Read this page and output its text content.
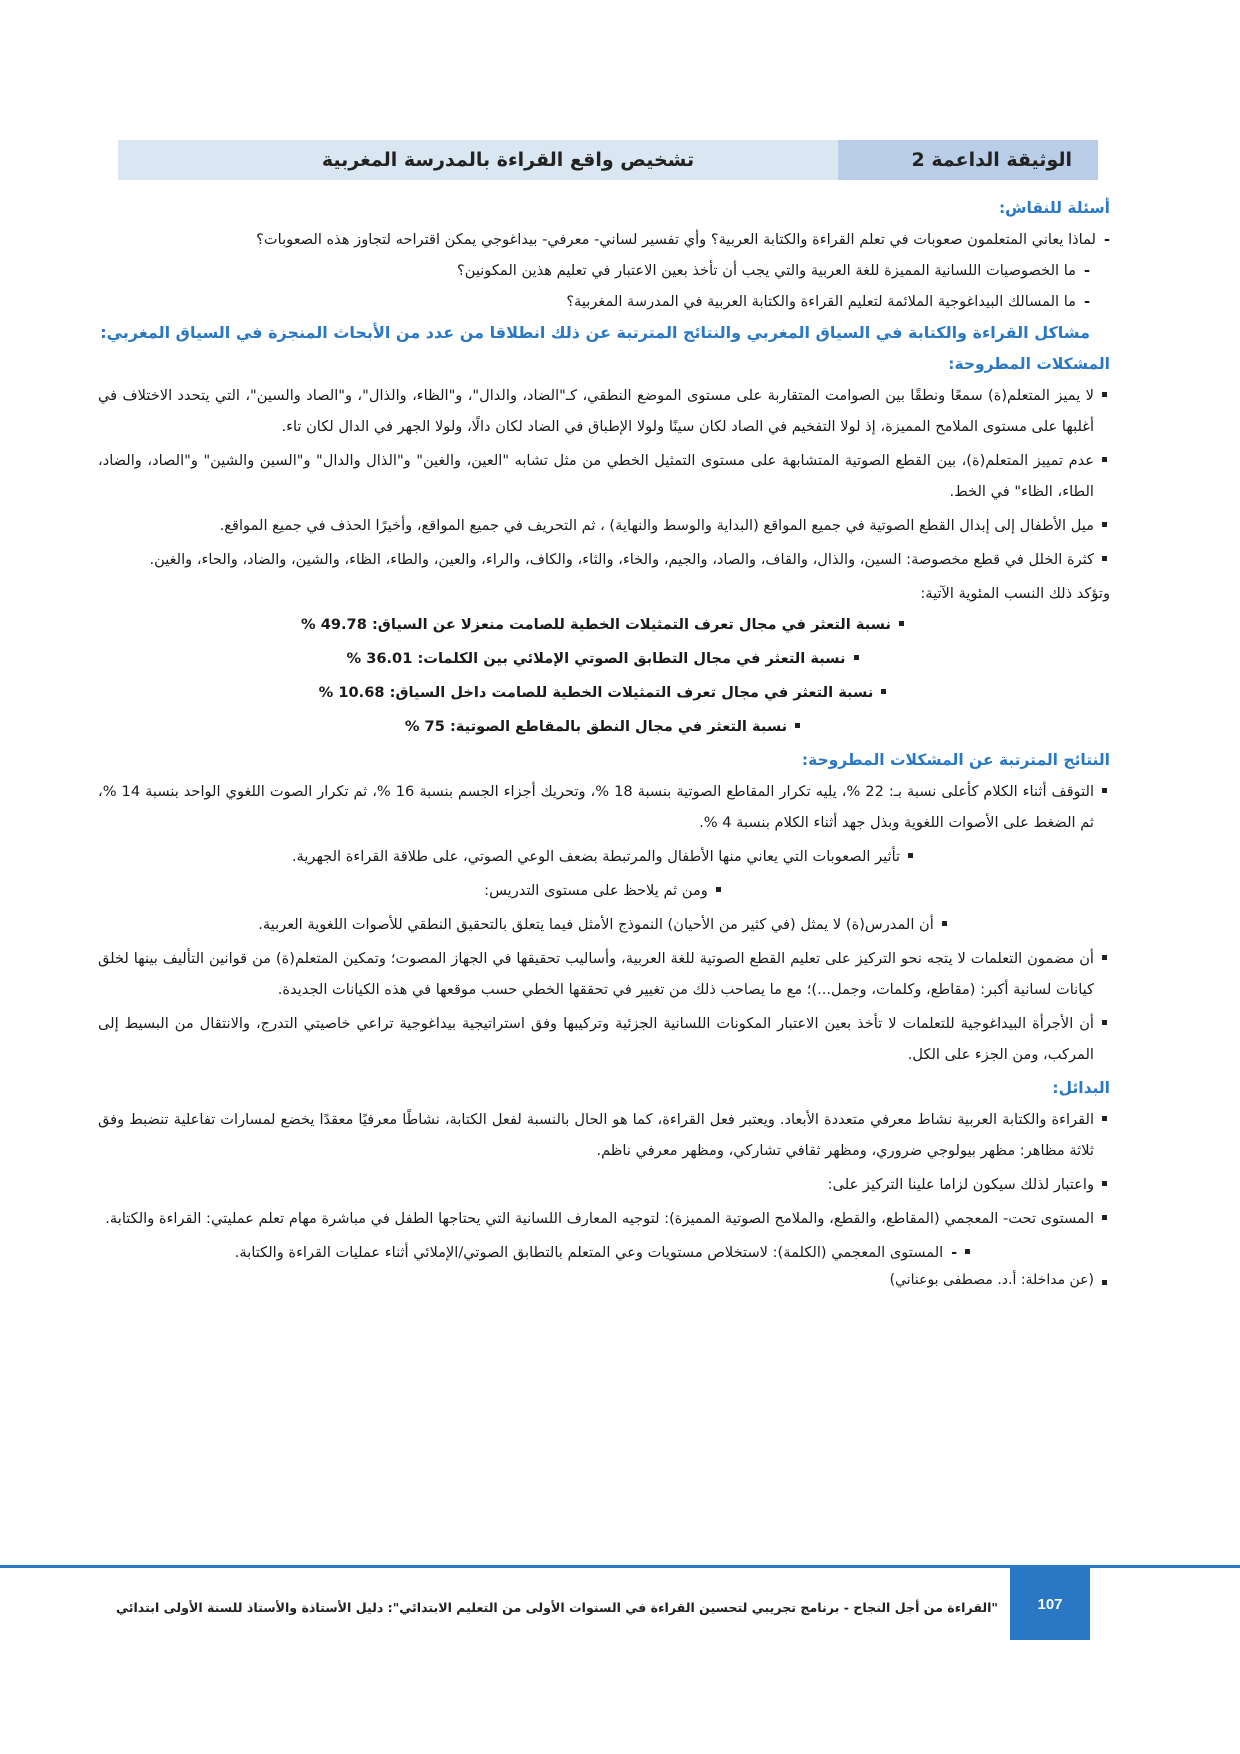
الوثيقة الداعمة 2
تشخيص واقع القراءة بالمدرسة المغربية

أسئلة للنقاش:

-
لماذا يعاني المتعلمون صعوبات في تعلم القراءة والكتابة العربية؟ وأي تفسير لساني- معرفي- بيداغوجي يمكن اقتراحه لتجاوز هذه الصعوبات؟
-
ما الخصوصيات اللسانية المميزة للغة العربية والتي يجب أن تأخذ بعين الاعتبار في تعليم هذين المكونين؟
-
ما المسالك البيداغوجية الملائمة لتعليم القراءة والكتابة العربية في المدرسة المغربية؟

مشاكل القراءة والكتابة في السياق المغربي والنتائج المترتبة عن ذلك انطلاقا من عدد من الأبحاث المنجزة في السياق المغربي:

المشكلات المطروحة:

لا يميز المتعلم(ة) سمعًا ونطقًا بين الصوامت المتقاربة على مستوى الموضع النطقي، كـ"الضاد، والدال"، و"الظاء، والذال"، و"الصاد والسين"، التي يتحدد الاختلاف في أغلبها على مستوى الملامح المميزة، إذ لولا التفخيم في الصاد لكان سينًا ولولا الإطباق في الضاد لكان دالًا، ولولا الجهر في الدال لكان تاء.
عدم تمييز المتعلم(ة)، بين القطع الصوتية المتشابهة على مستوى التمثيل الخطي من مثل تشابه "العين، والغين" و"الذال والدال" و"السين والشين" و"الصاد، والضاد، الطاء، الظاء" في الخط.
ميل الأطفال إلى إبدال القطع الصوتية في جميع المواقع (البداية والوسط والنهاية) ، ثم التحريف في جميع المواقع، وأخيرًا الحذف في جميع المواقع.
كثرة الخلل في قطع مخصوصة: السين، والذال، والقاف، والصاد، والجيم، والخاء، والثاء، والكاف، والراء، والعين، والطاء، الظاء، والشين، والضاد، والحاء، والغين.

وتؤكد ذلك النسب المئوية الآتية:

نسبة التعثر في مجال تعرف التمثيلات الخطية للصامت منعزلا عن السياق: 49.78 %
نسبة التعثر في مجال التطابق الصوتي الإملائي بين الكلمات: 36.01 %
نسبة التعثر في مجال تعرف التمثيلات الخطية للصامت داخل السياق: 10.68 %
نسبة التعثر في مجال النطق بالمقاطع الصوتية: 75 %

النتائج المترتبة عن المشكلات المطروحة:

التوقف أثناء الكلام كأعلى نسبة بـ: 22 %، يليه تكرار المقاطع الصوتية بنسبة 18 %، وتحريك أجزاء الجسم بنسبة 16 %، ثم تكرار الصوت اللغوي الواحد بنسبة 14 %، ثم الضغط على الأصوات اللغوية وبذل جهد أثناء الكلام بنسبة 4 %.
تأثير الصعوبات التي يعاني منها الأطفال والمرتبطة بضعف الوعي الصوتي، على طلاقة القراءة الجهرية.
ومن ثم يلاحظ على مستوى التدريس:
أن المدرس(ة) لا يمثل (في كثير من الأحيان) النموذج الأمثل فيما يتعلق بالتحقيق النطقي للأصوات اللغوية العربية.
أن مضمون التعلمات لا يتجه نحو التركيز على تعليم القطع الصوتية للغة العربية، وأساليب تحقيقها في الجهاز المصوت؛ وتمكين المتعلم(ة) من قوانين التأليف بينها لخلق كيانات لسانية أكبر: (مقاطع، وكلمات، وجمل...)؛ مع ما يصاحب ذلك من تغيير في تحققها الخطي حسب موقعها في هذه الكيانات الجديدة.
أن الأجرأة البيداغوجية للتعلمات لا تأخذ بعين الاعتبار المكونات اللسانية الجزئية وتركيبها وفق استراتيجية بيداغوجية تراعي خاصيتي التدرج، والانتقال من البسيط إلى المركب، ومن الجزء على الكل.

البدائل:

القراءة والكتابة العربية نشاط معرفي متعددة الأبعاد. ويعتبر فعل القراءة، كما هو الحال بالنسبة لفعل الكتابة، نشاطًا معرفيًا معقدًا يخضع لمسارات تفاعلية تنضبط وفق ثلاثة مظاهر: مظهر بيولوجي ضروري، ومظهر ثقافي تشاركي، ومظهر معرفي ناظم.
واعتبار لذلك سيكون لزاما علينا التركيز على:
المستوى تحت- المعجمي (المقاطع، والقطع، والملامح الصوتية المميزة): لتوجيه المعارف اللسانية التي يحتاجها الطفل في مباشرة مهام تعلم عمليتي: القراءة والكتابة.
-
المستوى المعجمي (الكلمة): لاستخلاص مستويات وعي المتعلم بالتطابق الصوتي/الإملائي أثناء عمليات القراءة والكتابة.
(عن مداخلة: أ.د. مصطفى بوعناني)
107
"القراءة من أجل النجاح - برنامج تجريبي لتحسين القراءة في السنوات الأولى من التعليم الابتدائي": دليل الأستاذة والأستاذ للسنة الأولى ابتدائي
